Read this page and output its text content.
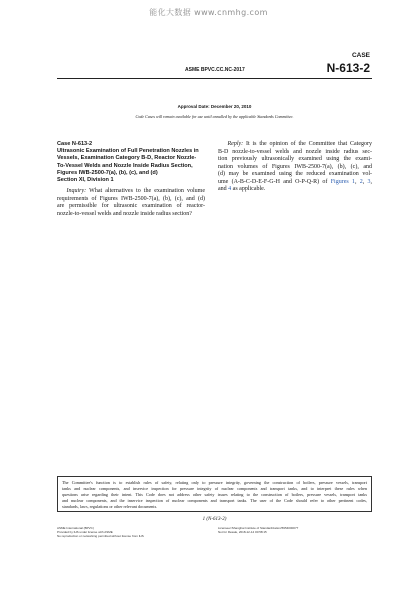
能化大数据 www.cnmhg.com
CASE
ASME BPVC.CC.NC-2017	N-613-2
Approval Date: December 20, 2010
Code Cases will remain available for use until annulled by the applicable Standards Committee.
Case N-613-2
Ultrasonic Examination of Full Penetration Nozzles in
Vessels, Examination Category B-D, Reactor Nozzle-
To-Vessel Welds and Nozzle Inside Radius Section,
Figures IWB-2500-7(a), (b), (c), and (d)
Section XI, Division 1
Inquiry: What alternatives to the examination volume
requirements of Figures IWB-2500-7(a), (b), (c), and (d)
are permissible for ultrasonic examination of reactor-
nozzle-to-vessel welds and nozzle inside radius section?
Reply: It is the opinion of the Committee that Category
B-D nozzle-to-vessel welds and nozzle inside radius sec-
tion previously ultrasonically examined using the exami-
nation volumes of Figures IWB-2500-7(a), (b), (c), and
(d) may be examined using the reduced examination vol-
ume (A-B-C-D-E-F-G-H and O-P-Q-R) of Figures 1, 2, 3,
and 4 as applicable.
The Committee's function is to establish rules of safety, relating only to pressure integrity, governing the construction of boilers, pressure vessels, transport
tanks and nuclear components, and inservice inspection for pressure integrity of nuclear components and transport tanks, and to interpret these rules when
questions arise regarding their intent. This Code does not address other safety issues relating to the construction of boilers, pressure vessels, transport tanks
and nuclear components, and the inservice inspection of nuclear components and transport tanks. The user of the Code should refer to other pertinent codes,
standards, laws, regulations or other relevant documents.
1 (N-613-2)
ASME International (BPVC)
Provided by IHS under license with ASME
No reproduction or networking permitted without license from IHS
Licensee=Shanghai Institute of Standardization/5954000077
Not for Resale, 2018-12-14 00:58:15
